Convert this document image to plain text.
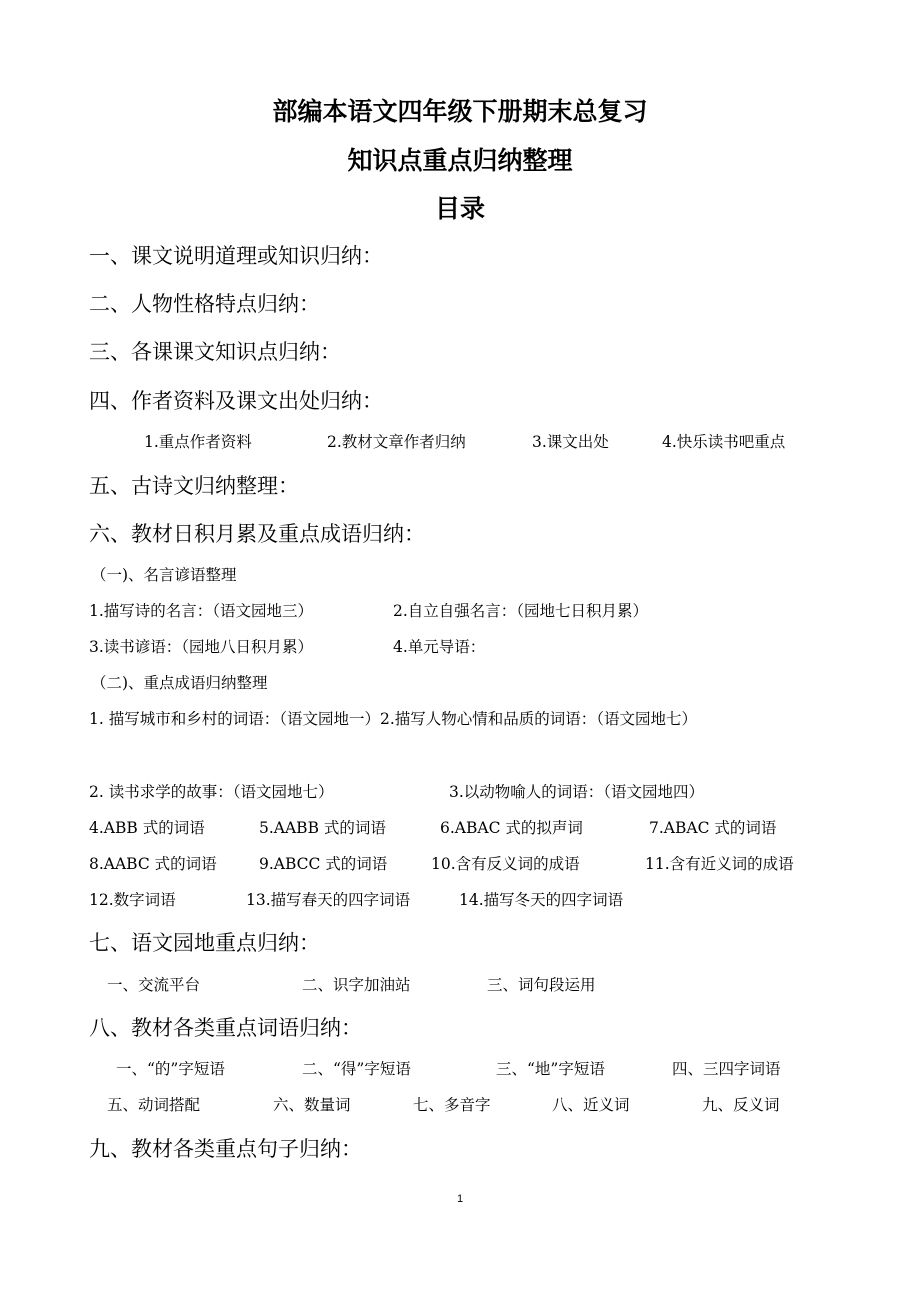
部编本语文四年级下册期末总复习
知识点重点归纳整理
目录
一、课文说明道理或知识归纳：
二、人物性格特点归纳：
三、各课课文知识点归纳：
四、作者资料及课文出处归纳：
1.重点作者资料	2.教材文章作者归纳	3.课文出处	4.快乐读书吧重点
五、古诗文归纳整理：
六、教材日积月累及重点成语归纳：
（一)、名言谚语整理
1.描写诗的名言：（语文园地三）	2.自立自强名言：（园地七日积月累）
3.读书谚语：（园地八日积月累）	4.单元导语：
（二)、重点成语归纳整理
1. 描写城市和乡村的词语：（语文园地一）2.描写人物心情和品质的词语：（语文园地七）
2. 读书求学的故事：（语文园地七）	3.以动物喻人的词语：（语文园地四）
4.ABB 式的词语	5.AABB 式的词语	6.ABAC 式的拟声词	7.ABAC 式的词语
8.AABC 式的词语	9.ABCC 式的词语	10.含有反义词的成语	11.含有近义词的成语
12.数字词语	13.描写春天的四字词语	14.描写冬天的四字词语
七、语文园地重点归纳：
一、交流平台	二、识字加油站	三、词句段运用
八、教材各类重点词语归纳：
一、“的”字短语	二、“得”字短语	三、“地”字短语	四、三四字词语
五、动词搭配	六、数量词	七、多音字	八、近义词	九、反义词
九、教材各类重点句子归纳：
1
